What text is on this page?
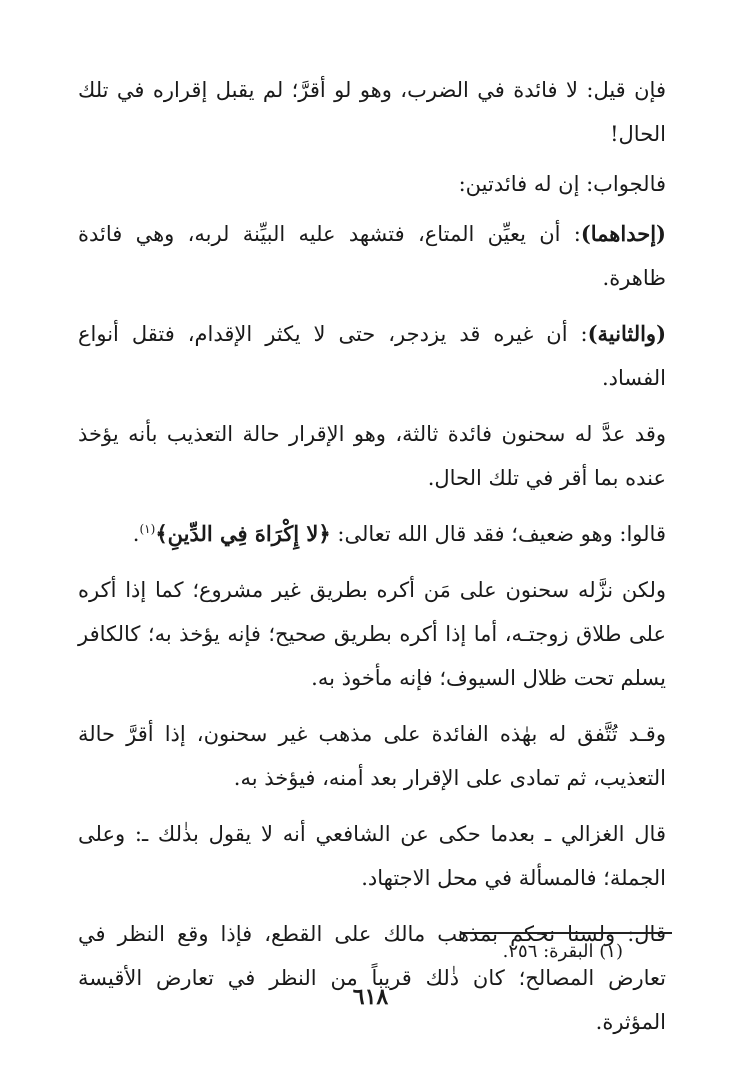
فإن قيل: لا فائدة في الضرب، وهو لو أقرَّ؛ لم يقبل إقراره في تلك الحال!

فالجواب: إن له فائدتين:

(إحداهما): أن يعيِّن المتاع، فتشهد عليه البيِّنة لربه، وهي فائدة ظاهرة.

(والثانية): أن غيره قد يزدجر، حتى لا يكثر الإقدام، فتقل أنواع الفساد.

وقد عدَّ له سحنون فائدة ثالثة، وهو الإقرار حالة التعذيب بأنه يؤخذ عنده بما أقر في تلك الحال.

قالوا: وهو ضعيف؛ فقد قال الله تعالى: ﴿لا إِكْرَاهَ فِي الدِّينِ﴾$^{(١)}$.

ولكن نزَّله سحنون على مَن أكره بطريق غير مشروع؛ كما إذا أكره على طلاق زوجتـه، أما إذا أكره بطريق صحيح؛ فإنه يؤخذ به؛ كالكافر يسلم تحت ظلال السيوف؛ فإنه مأخوذ به.

وقـد تُتَّفق له بهٰذه الفائدة على مذهب غير سحنون، إذا أقرَّ حالة التعذيب، ثم تمادى على الإقرار بعد أمنه، فيؤخذ به.

قال الغزالي ـ بعدما حكى عن الشافعي أنه لا يقول بذٰلك ـ: وعلى الجملة؛ فالمسألة في محل الاجتهاد.

قال: ولسنا نحكم بمذهب مالك على القطع، فإذا وقع النظر في تعارض المصالح؛ كان ذٰلك قريباً من النظر في تعارض الأقيسة المؤثرة.

(١) البقرة: ٢٥٦.
٦١٨
